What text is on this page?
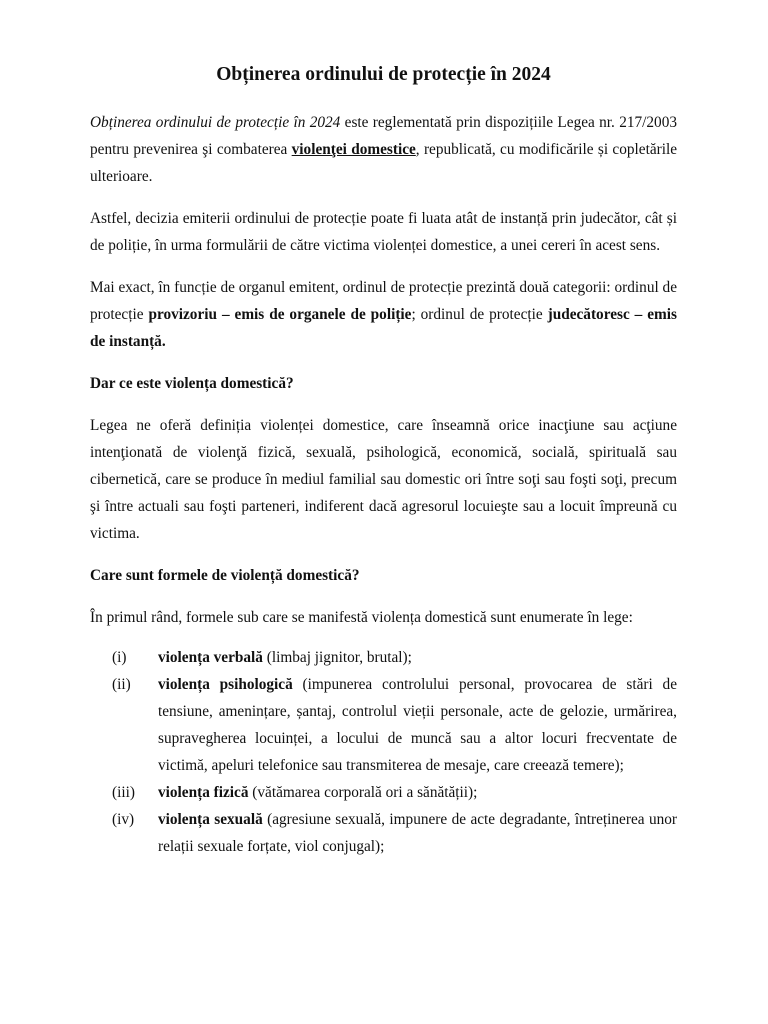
Obținerea ordinului de protecție în 2024

Obținerea ordinului de protecție în 2024 este reglementată prin dispozițiile Legea nr. 217/2003 pentru prevenirea şi combaterea violenţei domestice, republicată, cu modificările și copletările ulterioare.

Astfel, decizia emiterii ordinului de protecție poate fi luata atât de instanță prin judecător, cât și de poliție, în urma formulării de către victima violenței domestice, a unei cereri în acest sens.

Mai exact, în funcție de organul emitent, ordinul de protecție prezintă două categorii: ordinul de protecție provizoriu – emis de organele de poliție; ordinul de protecție judecătoresc – emis de instanță.

Dar ce este violența domestică?

Legea ne oferă definiția violenței domestice, care înseamnă orice inacţiune sau acţiune intenţionată de violenţă fizică, sexuală, psihologică, economică, socială, spirituală sau cibernetică, care se produce în mediul familial sau domestic ori între soţi sau foşti soţi, precum şi între actuali sau foşti parteneri, indiferent dacă agresorul locuieşte sau a locuit împreună cu victima.

Care sunt formele de violență domestică?

În primul rând, formele sub care se manifestă violența domestică sunt enumerate în lege:

(i) violența verbală (limbaj jignitor, brutal);
(ii) violența psihologică (impunerea controlului personal, provocarea de stări de tensiune, amenințare, șantaj, controlul vieții personale, acte de gelozie, urmărirea, supravegherea locuinței, a locului de muncă sau a altor locuri frecventate de victimă, apeluri telefonice sau transmiterea de mesaje, care creează temere);
(iii) violența fizică (vătămarea corporală ori a sănătății);
(iv) violența sexuală (agresiune sexuală, impunere de acte degradante, întreținerea unor relații sexuale forțate, viol conjugal);
